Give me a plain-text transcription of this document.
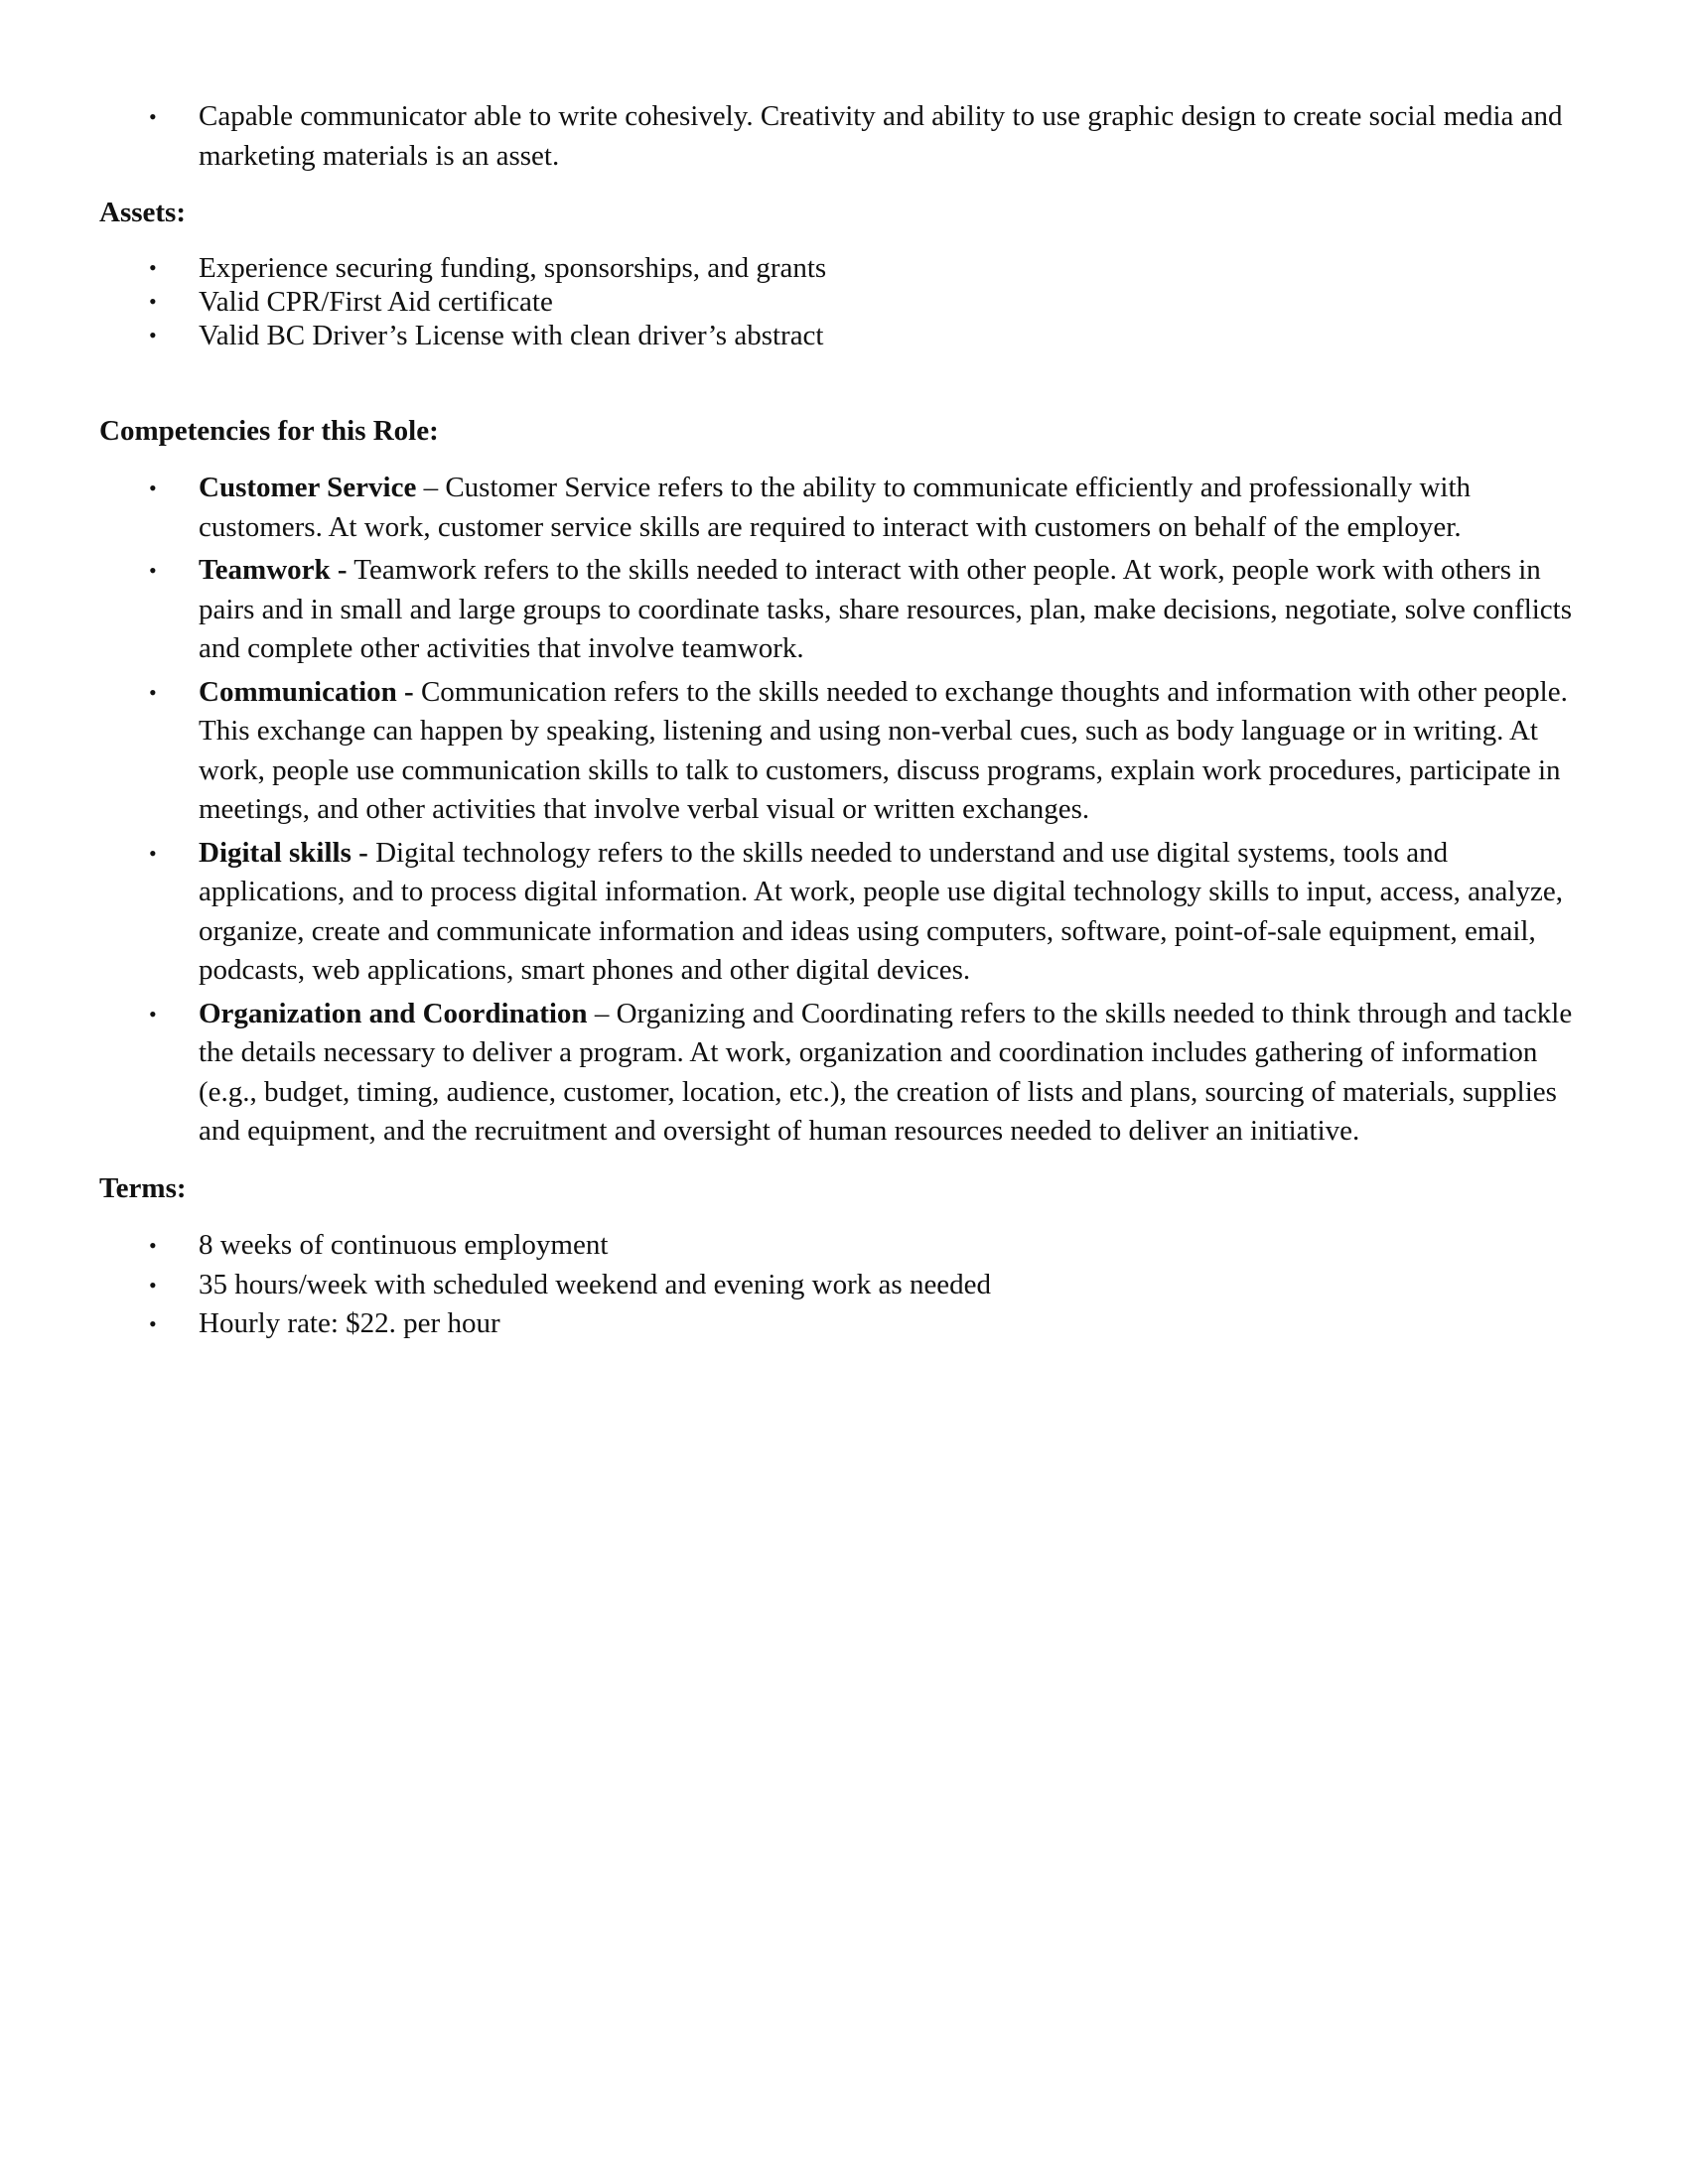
• Capable communicator able to write cohesively. Creativity and ability to use graphic design to create social media and marketing materials is an asset.

Assets:

• Experience securing funding, sponsorships, and grants
• Valid CPR/First Aid certificate
• Valid BC Driver’s License with clean driver’s abstract

Competencies for this Role:

• Customer Service – Customer Service refers to the ability to communicate efficiently and professionally with customers. At work, customer service skills are required to interact with customers on behalf of the employer.
• Teamwork - Teamwork refers to the skills needed to interact with other people. At work, people work with others in pairs and in small and large groups to coordinate tasks, share resources, plan, make decisions, negotiate, solve conflicts and complete other activities that involve teamwork.
• Communication - Communication refers to the skills needed to exchange thoughts and information with other people. This exchange can happen by speaking, listening and using non-verbal cues, such as body language or in writing. At work, people use communication skills to talk to customers, discuss programs, explain work procedures, participate in meetings, and other activities that involve verbal visual or written exchanges.
• Digital skills - Digital technology refers to the skills needed to understand and use digital systems, tools and applications, and to process digital information. At work, people use digital technology skills to input, access, analyze, organize, create and communicate information and ideas using computers, software, point-of-sale equipment, email, podcasts, web applications, smart phones and other digital devices.
• Organization and Coordination – Organizing and Coordinating refers to the skills needed to think through and tackle the details necessary to deliver a program. At work, organization and coordination includes gathering of information (e.g., budget, timing, audience, customer, location, etc.), the creation of lists and plans, sourcing of materials, supplies and equipment, and the recruitment and oversight of human resources needed to deliver an initiative.

Terms:

• 8 weeks of continuous employment
• 35 hours/week with scheduled weekend and evening work as needed
• Hourly rate: $22. per hour
